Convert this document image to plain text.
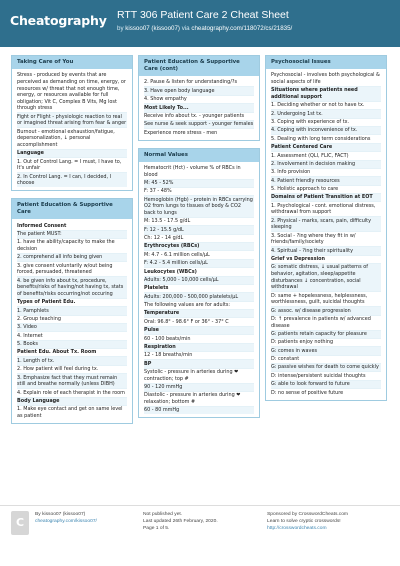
Cheatography RTT 306 Patient Care 2 Cheat Sheet
by kissoo07 (kissoo07) via cheatography.com/118072/cs/21835/
Taking Care of You
Stress - produced by events that are perceived as demanding on time, energy, or resources w/ threat that not enough time, energy, or resources available for full obligation; Vit C, Complex B Vits, Mg lost through stress
Fight or Flight - physiologic reaction to real or imagined threat arising from fear & anger
Burnout - emotional exhaustion/fatigue, depersonalization, ↓ personal accomplishment
Language
1. Out of Control Lang. = I must, I have to, It's unfair
2. In Control Lang. = I can, I decided, I choose
Patient Education & Supportive Care
Informed Consent
The patient MUST:
1. have the ability/capacity to make the decision
2. comprehend all info being given
3. give consent voluntarily w/out being forced, persuaded, threatened
4. be given info about tx, procedure, benefits/risks of having/not having tx, stats of benefits/risks occurring/not occuring
Types of Patient Edu.
1. Pamphlets
2. Group teaching
3. Video
4. Internet
5. Books
Patient Edu. About Tx. Room
1. Length of tx.
2. How patient will feel during tx.
3. Emphasize fact that they must remain still and breathe normally (unless DIBH)
4. Explain role of each therapist in the room
Body Language
1. Make eye contact and get on same level as patient
Patient Education & Supportive Care (cont)
2. Pause & listen for understanding/?s
3. Have open body language
4. Show empathy
Most Likely To...
Receive info about tx. - younger patients
See nurse & seek support - younger females
Experience more stress - men
Normal Values
Hematocrit (Hct) - volume % of RBCs in blood
M: 45 - 52%
F: 37 - 48%
Hemoglobin (Hgb) - protein in RBCs carrying O2 from lungs to tissues of body & CO2 back to lungs
M: 13.5 - 17.5 g/dL
F: 12 - 15.5 g/dL
Ch: 12 - 14 g/dL
Erythrocytes (RBCs)
M: 4.7 - 6.1 million cells/µL
F: 4.2 - 5.4 million cells/µL
Leukocytes (WBCs)
Adults: 5,000 - 10,000 cells/µL
Platelets
Adults: 200,000 - 500,000 platelets/µL
The following values are for adults:
Temperature
Oral: 96.8° - 98.6° F or 36° - 37° C
Pulse
60 - 100 beats/min
Respiration
12 - 18 breaths/min
BP
Systolic - pressure in arteries during ❤ contraction; top #
90 - 120 mmHg
Diastolic - pressure in arteries during ❤ relaxation; bottom #
60 - 80 mmHg
Psychosocial Issues
Psychosocial - involves both psychological & social aspects of life
Situations where patients need additional support
1. Deciding whether or not to have tx.
2. Undergoing 1st tx.
3. Coping with experience of tx.
4. Coping with inconvenience of tx.
5. Dealing with long term considerations
Patient Centered Care
1. Assessment (QLI, FLIC, FACT)
2. Involvement in decision making
3. Info provision
4. Patient friendly resources
5. Holistic approach to care
Domains of Patient Transition at EOT
1. Psychological - cont. emotional distress, withdrawal from support
2. Physical - marks, scars, pain, difficulty sleeping
3. Social - ?ing where they fit in w/ friends/family/society
4. Spiritual - ?ing their spirituality
Grief vs Depression
G: somatic distress, ↓ usual patterns of behavior, agitation, sleep/appetite disturbances ↓ concentration, social withdrawal
D: same + hopelessness, helplessness, worthlessness, guilt, suicidal thoughts
G: assoc. w/ disease progression
D: ↑ prevalence in patients w/ advanced disease
G: patients retain capacity for pleasure
D: patients enjoy nothing
G: comes in waves
D: constant
G: passive wishes for death to come quickly
D: intense/persistent suicidal thoughts
G: able to look forward to future
D: no sense of positive future
C
By kissoo07 (kissoo07)
cheatography.com/kissoo07/
Not published yet.
Last updated 26th February, 2020.
Page 1 of 5.
Sponsored by CrosswordCheats.com
Learn to solve cryptic crosswords!
http://crosswordcheats.com
